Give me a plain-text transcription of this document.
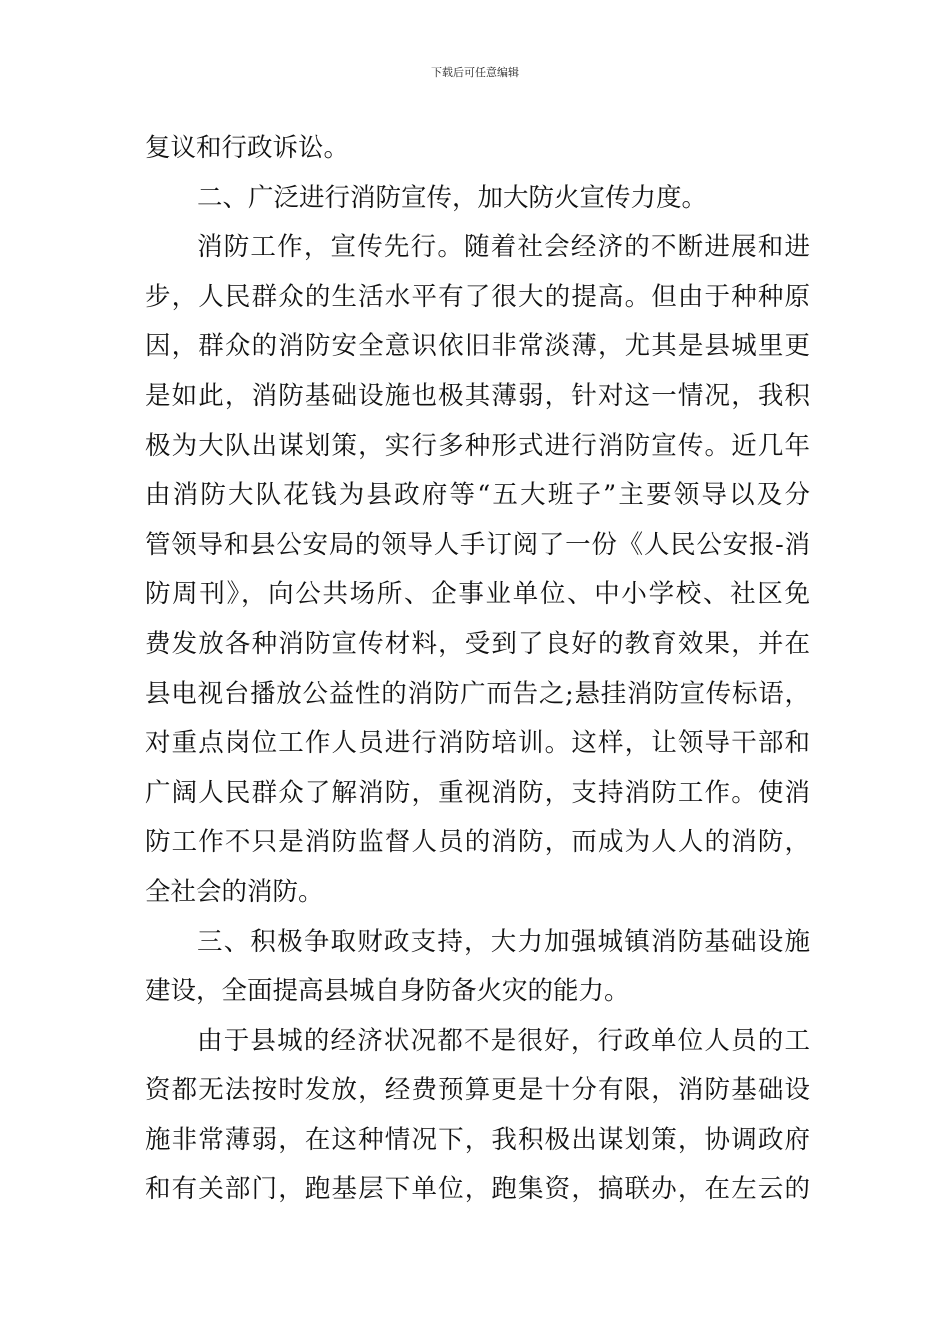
下载后可任意编辑
复议和行政诉讼。
二、广泛进行消防宣传，加大防火宣传力度。
消防工作，宣传先行。随着社会经济的不断进展和进
步，人民群众的生活水平有了很大的提高。但由于种种原
因，群众的消防安全意识依旧非常淡薄，尤其是县城里更
是如此，消防基础设施也极其薄弱，针对这一情况，我积
极为大队出谋划策，实行多种形式进行消防宣传。近几年
由消防大队花钱为县政府等“五大班子”主要领导以及分
管领导和县公安局的领导人手订阅了一份《人民公安报-消
防周刊》，向公共场所、企事业单位、中小学校、社区免
费发放各种消防宣传材料，受到了良好的教育效果，并在
县电视台播放公益性的消防广而告之;悬挂消防宣传标语，
对重点岗位工作人员进行消防培训。这样，让领导干部和
广阔人民群众了解消防，重视消防，支持消防工作。使消
防工作不只是消防监督人员的消防，而成为人人的消防，
全社会的消防。
三、积极争取财政支持，大力加强城镇消防基础设施
建设，全面提高县城自身防备火灾的能力。
由于县城的经济状况都不是很好，行政单位人员的工
资都无法按时发放，经费预算更是十分有限，消防基础设
施非常薄弱，在这种情况下，我积极出谋划策，协调政府
和有关部门，跑基层下单位，跑集资，搞联办，在左云的
